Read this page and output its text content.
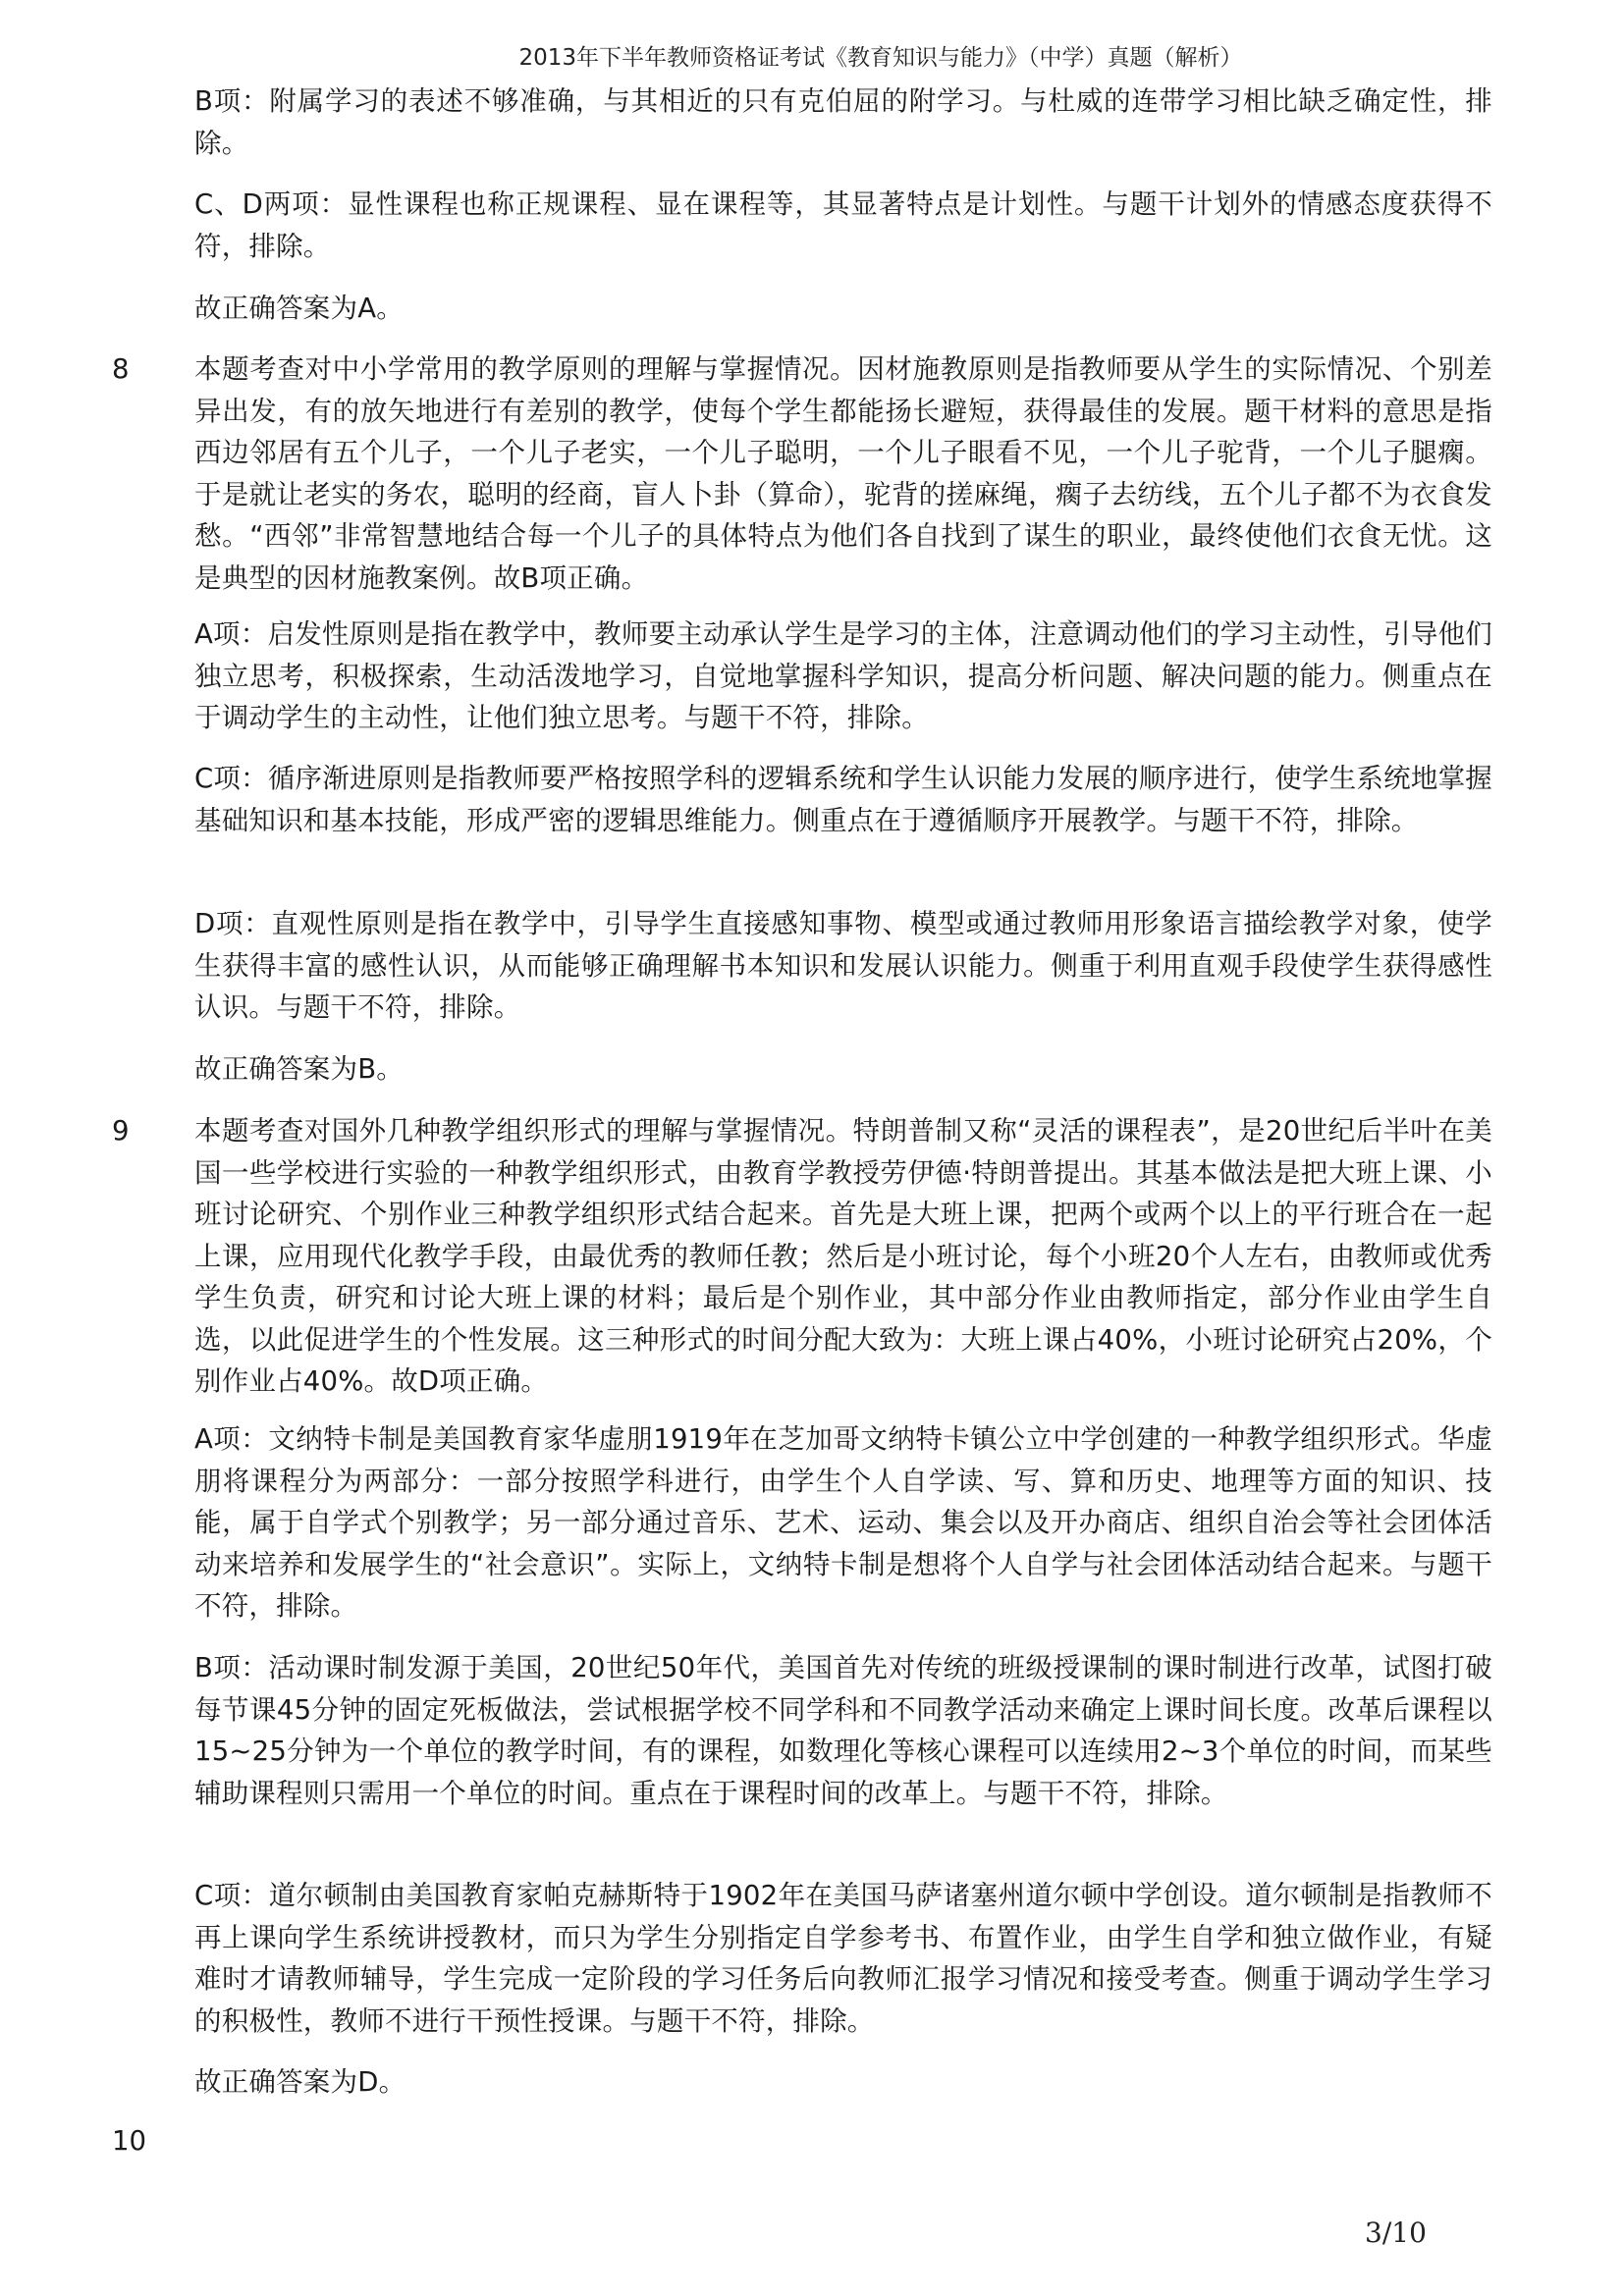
2013年下半年教师资格证考试《教育知识与能力》（中学）真题（解析）

B项：附属学习的表述不够准确，与其相近的只有克伯屈的附学习。与杜威的连带学习相比缺乏确定性，排除。

C、D两项：显性课程也称正规课程、显在课程等，其显著特点是计划性。与题干计划外的情感态度获得不符，排除。

故正确答案为A。

8 本题考查对中小学常用的教学原则的理解与掌握情况。因材施教原则是指教师要从学生的实际情况、个别差异出发，有的放矢地进行有差别的教学，使每个学生都能扬长避短，获得最佳的发展。题干材料的意思是指西边邻居有五个儿子，一个儿子老实，一个儿子聪明，一个儿子眼看不见，一个儿子驼背，一个儿子腿瘸。于是就让老实的务农，聪明的经商，盲人卜卦（算命），驼背的搓麻绳，瘸子去纺线，五个儿子都不为衣食发愁。“西邻”非常智慧地结合每一个儿子的具体特点为他们各自找到了谋生的职业，最终使他们衣食无忧。这是典型的因材施教案例。故B项正确。

A项：启发性原则是指在教学中，教师要主动承认学生是学习的主体，注意调动他们的学习主动性，引导他们独立思考，积极探索，生动活泼地学习，自觉地掌握科学知识，提高分析问题、解决问题的能力。侧重点在于调动学生的主动性，让他们独立思考。与题干不符，排除。

C项：循序渐进原则是指教师要严格按照学科的逻辑系统和学生认识能力发展的顺序进行，使学生系统地掌握基础知识和基本技能，形成严密的逻辑思维能力。侧重点在于遵循顺序开展教学。与题干不符，排除。

D项：直观性原则是指在教学中，引导学生直接感知事物、模型或通过教师用形象语言描绘教学对象，使学生获得丰富的感性认识，从而能够正确理解书本知识和发展认识能力。侧重于利用直观手段使学生获得感性认识。与题干不符，排除。

故正确答案为B。

9 本题考查对国外几种教学组织形式的理解与掌握情况。特朗普制又称“灵活的课程表”，是20世纪后半叶在美国一些学校进行实验的一种教学组织形式，由教育学教授劳伊德·特朗普提出。其基本做法是把大班上课、小班讨论研究、个别作业三种教学组织形式结合起来。首先是大班上课，把两个或两个以上的平行班合在一起上课，应用现代化教学手段，由最优秀的教师任教；然后是小班讨论，每个小班20个人左右，由教师或优秀学生负责，研究和讨论大班上课的材料；最后是个别作业，其中部分作业由教师指定，部分作业由学生自选，以此促进学生的个性发展。这三种形式的时间分配大致为：大班上课占40%，小班讨论研究占20%，个别作业占40%。故D项正确。

A项：文纳特卡制是美国教育家华虚朋1919年在芝加哥文纳特卡镇公立中学创建的一种教学组织形式。华虚朋将课程分为两部分：一部分按照学科进行，由学生个人自学读、写、算和历史、地理等方面的知识、技能，属于自学式个别教学；另一部分通过音乐、艺术、运动、集会以及开办商店、组织自治会等社会团体活动来培养和发展学生的“社会意识”。实际上，文纳特卡制是想将个人自学与社会团体活动结合起来。与题干不符，排除。

B项：活动课时制发源于美国，20世纪50年代，美国首先对传统的班级授课制的课时制进行改革，试图打破每节课45分钟的固定死板做法，尝试根据学校不同学科和不同教学活动来确定上课时间长度。改革后课程以15~25分钟为一个单位的教学时间，有的课程，如数理化等核心课程可以连续用2~3个单位的时间，而某些辅助课程则只需用一个单位的时间。重点在于课程时间的改革上。与题干不符，排除。

C项：道尔顿制由美国教育家帕克赫斯特于1902年在美国马萨诸塞州道尔顿中学创设。道尔顿制是指教师不再上课向学生系统讲授教材，而只为学生分别指定自学参考书、布置作业，由学生自学和独立做作业，有疑难时才请教师辅导，学生完成一定阶段的学习任务后向教师汇报学习情况和接受考查。侧重于调动学生学习的积极性，教师不进行干预性授课。与题干不符，排除。

故正确答案为D。

10
3/10
